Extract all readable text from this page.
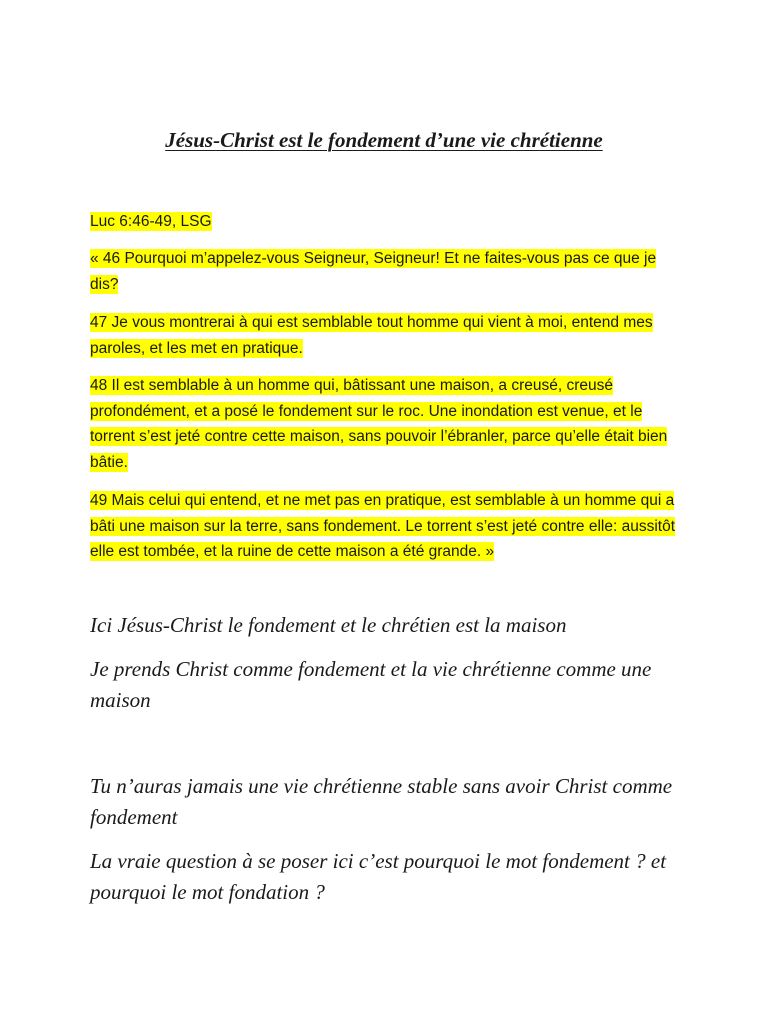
Jésus-Christ est le fondement d’une vie chrétienne

Luc 6:46-49, LSG

« 46 Pourquoi m’appelez-vous Seigneur, Seigneur! Et ne faites-vous pas ce que je dis?

47 Je vous montrerai à qui est semblable tout homme qui vient à moi, entend mes paroles, et les met en pratique.

48 Il est semblable à un homme qui, bâtissant une maison, a creusé, creusé profondément, et a posé le fondement sur le roc. Une inondation est venue, et le torrent s’est jeté contre cette maison, sans pouvoir l’ébranler, parce qu’elle était bien bâtie.

49 Mais celui qui entend, et ne met pas en pratique, est semblable à un homme qui a bâti une maison sur la terre, sans fondement. Le torrent s’est jeté contre elle: aussitôt elle est tombée, et la ruine de cette maison a été grande. »

Ici Jésus-Christ le fondement et le chrétien est la maison

Je prends Christ comme fondement et la vie chrétienne comme une maison

Tu n’auras jamais une vie chrétienne stable sans avoir Christ comme fondement

La vraie question à se poser ici c’est pourquoi le mot fondement ? et pourquoi le mot fondation ?
